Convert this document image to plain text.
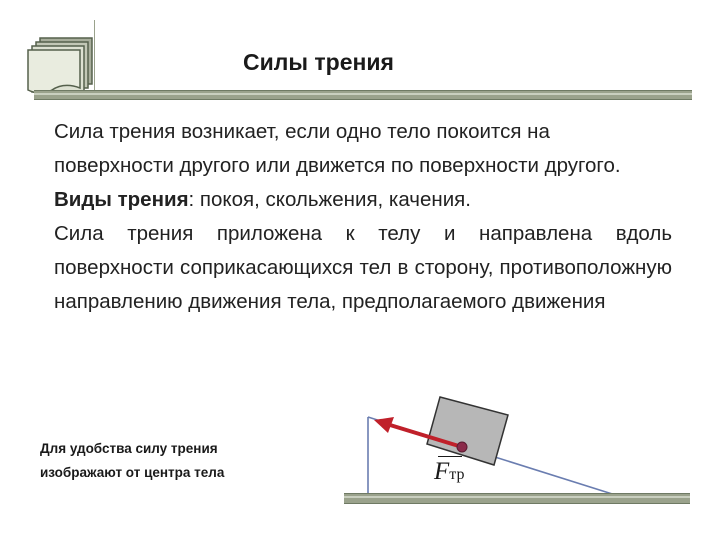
Силы трения

Сила трения возникает, если одно тело покоится на поверхности другого или движется по поверхности другого.

Виды трения: покоя, скольжения, качения.

Сила трения приложена к телу и направлена вдоль поверхности соприкасающихся тел в сторону, противоположную направлению движения тела, предполагаемого движения

Для удобства силу трения
изображают от центра тела	Fтр
